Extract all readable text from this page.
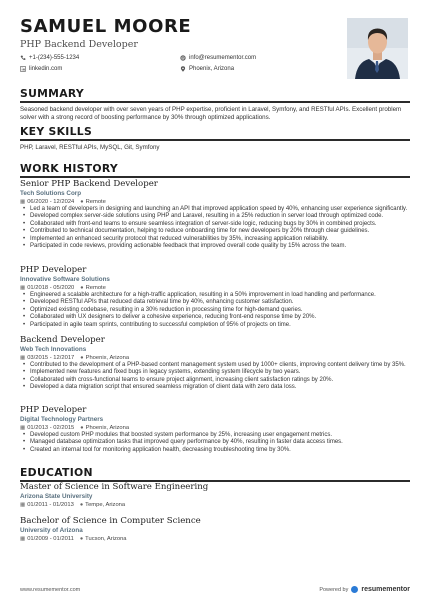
SAMUEL MOORE
PHP Backend Developer
+1-(234)-555-1234	@ info@resumementor.com
linkedin.com	Phoenix, Arizona
SUMMARY
Seasoned backend developer with over seven years of PHP expertise, proficient in Laravel, Symfony, and RESTful APIs. Excellent problem solver with a strong record of boosting performance by 30% through optimized applications.
KEY SKILLS
PHP, Laravel, RESTful APIs, MySQL, Git, Symfony
WORK HISTORY
Senior PHP Backend Developer
Tech Solutions Corp
▦ 06/2020 - 12/2024 ● Remote
• Led a team of developers in designing and launching an API that improved application speed by 40%, enhancing user experience significantly.
• Developed complex server-side solutions using PHP and Laravel, resulting in a 25% reduction in server load through optimized code.
• Collaborated with front-end teams to ensure seamless integration of server-side logic, reducing bugs by 30% in combined projects.
• Contributed to technical documentation, helping to reduce onboarding time for new developers by 20% through clear guidelines.
• Implemented an enhanced security protocol that reduced vulnerabilities by 35%, increasing application reliability.
• Participated in code reviews, providing actionable feedback that improved overall code quality by 15% across the team.
PHP Developer
Innovative Software Solutions
▦ 01/2018 - 05/2020 ● Remote
• Engineered a scalable architecture for a high-traffic application, resulting in a 50% improvement in load handling and performance.
• Developed RESTful APIs that reduced data retrieval time by 40%, enhancing customer satisfaction.
• Optimized existing codebase, resulting in a 30% reduction in processing time for high-demand queries.
• Collaborated with UX designers to deliver a cohesive experience, reducing front-end response time by 20%.
• Participated in agile team sprints, contributing to successful completion of 95% of projects on time.
Backend Developer
Web Tech Innovations
▦ 03/2015 - 12/2017 ● Phoenix, Arizona
• Contributed to the development of a PHP-based content management system used by 1000+ clients, improving content delivery time by 35%.
• Implemented new features and fixed bugs in legacy systems, extending system lifecycle by two years.
• Collaborated with cross-functional teams to ensure project alignment, increasing client satisfaction ratings by 20%.
• Developed a data migration script that ensured seamless migration of client data with zero data loss.
PHP Developer
Digital Technology Partners
▦ 01/2013 - 02/2015 ● Phoenix, Arizona
• Developed custom PHP modules that boosted system performance by 25%, increasing user engagement metrics.
• Managed database optimization tasks that improved query performance by 40%, resulting in faster data access times.
• Created an internal tool for monitoring application health, decreasing troubleshooting time by 30%.
EDUCATION
Master of Science in Software Engineering
Arizona State University
▦ 01/2011 - 01/2013 ● Tempe, Arizona
Bachelor of Science in Computer Science
University of Arizona
▦ 01/2009 - 01/2011 ● Tucson, Arizona
www.resumementor.com	Powered by resumementor
